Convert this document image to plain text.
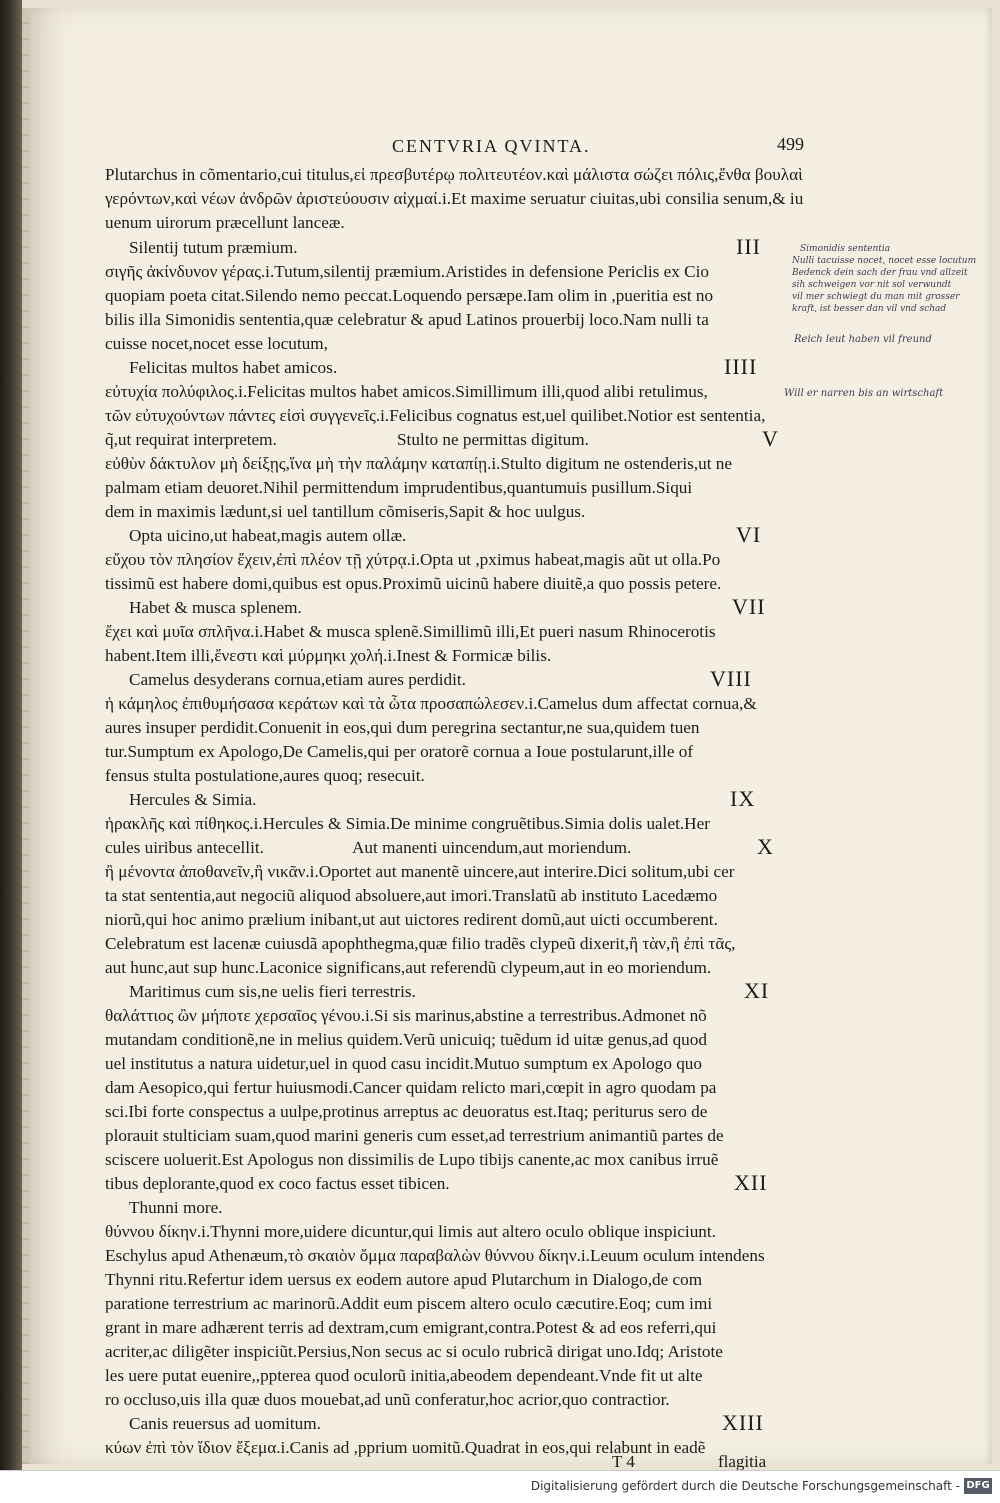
CENTVRIA QVINTA.	499
Plutarchus in cõmentario,cui titulus,εἰ πρεσβυτέρῳ πολιτευτέον.καὶ μάλιστα σώζει πόλις,ἔνθα βουλαὶ
γερόντων,καὶ νέων ἀνδρῶν ἀριστεύουσιν αἰχμαί.i.Et maxime seruatur ciuitas,ubi consilia senum,& iu
uenum uirorum præcellunt lanceæ.
Silentij tutum præmium.
σιγῆς ἀκίνδυνον γέρας.i.Tutum,silentij præmium.Aristides in defensione Periclis ex Cio
quopiam poeta citat.Silendo nemo peccat.Loquendo persæpe.Iam olim in ,pueritia est no
bilis illa Simonidis sententia,quæ celebratur & apud Latinos prouerbij loco.Nam nulli ta
cuisse nocet,nocet esse locutum,
Felicitas multos habet amicos.
εὐτυχία πολύφιλος.i.Felicitas multos habet amicos.Simillimum illi,quod alibi retulimus,
τῶν εὐτυχούντων πάντες εἰσὶ συγγενεῖς.i.Felicibus cognatus est,uel quilibet.Notior est sententia,
q̃,ut requirat interpretem.	Stulto ne permittas digitum.
εὐθὺν δάκτυλον μὴ δείξῃς,ἵνα μὴ τὴν παλάμην καταπίῃ.i.Stulto digitum ne ostenderis,ut ne
palmam etiam deuoret.Nihil permittendum imprudentibus,quantumuis pusillum.Siqui
dem in maximis lædunt,si uel tantillum cõmiseris,Sapit & hoc uulgus.
Opta uicino,ut habeat,magis autem ollæ.
εὔχου τὸν πλησίον ἔχειν,ἐπὶ πλέον τῇ χύτρᾳ.i.Opta ut ,pximus habeat,magis aũt ut olla.Po
tissimũ est habere domi,quibus est opus.Proximũ uicinũ habere diuitẽ,a quo possis petere.
Habet & musca splenem.
ἔχει καὶ μυῖα σπλῆνα.i.Habet & musca splenẽ.Simillimũ illi,Et pueri nasum Rhinocerotis
habent.Item illi,ἔνεστι καὶ μύρμηκι χολή.i.Inest & Formicæ bilis.
Camelus desyderans cornua,etiam aures perdidit.
ἡ κάμηλος ἐπιθυμήσασα κεράτων καὶ τὰ ὦτα προσαπώλεσεν.i.Camelus dum affectat cornua,&
aures insuper perdidit.Conuenit in eos,qui dum peregrina sectantur,ne sua,quidem tuen
tur.Sumptum ex Apologo,De Camelis,qui per oratorẽ cornua a Ioue postularunt,ille of
fensus stulta postulatione,aures quoq; resecuit.
Hercules & Simia.
ἡρακλῆς καὶ πίθηκος.i.Hercules & Simia.De minime congruẽtibus.Simia dolis ualet.Her
cules uiribus antecellit.	Aut manenti uincendum,aut moriendum.
ἢ μένοντα ἀποθανεῖν,ἢ νικᾶν.i.Oportet aut manentẽ uincere,aut interire.Dici solitum,ubi cer
ta stat sententia,aut negociũ aliquod absoluere,aut imori.Translatũ ab instituto Lacedæmo
niorũ,qui hoc animo prælium inibant,ut aut uictores redirent domũ,aut uicti occumberent.
Celebratum est lacenæ cuiusdã apophthegma,quæ filio tradẽs clypeũ dixerit,ἢ τὰν,ἢ ἐπὶ τᾶς,
aut hunc,aut sup hunc.Laconice significans,aut referendũ clypeum,aut in eo moriendum.
Maritimus cum sis,ne uelis fieri terrestris.
θαλάττιος ὢν μήποτε χερσαῖος γένου.i.Si sis marinus,abstine a terrestribus.Admonet nõ
mutandam conditionẽ,ne in melius quidem.Verũ unicuiq; tuẽdum id uitæ genus,ad quod
uel institutus a natura uidetur,uel in quod casu incidit.Mutuo sumptum ex Apologo quo
dam Aesopico,qui fertur huiusmodi.Cancer quidam relicto mari,cœpit in agro quodam pa
sci.Ibi forte conspectus a uulpe,protinus arreptus ac deuoratus est.Itaq; periturus sero de
plorauit stulticiam suam,quod marini generis cum esset,ad terrestrium animantiũ partes de
sciscere uoluerit.Est Apologus non dissimilis de Lupo tibijs canente,ac mox canibus irruẽ
tibus deplorante,quod ex coco factus esset tibicen.
Thunni more.
θύννου δίκην.i.Thynni more,uidere dicuntur,qui limis aut altero oculo oblique inspiciunt.
Eschylus apud Athenæum,τὸ σκαιὸν ὄμμα παραβαλὼν θύννου δίκην.i.Leuum oculum intendens
Thynni ritu.Refertur idem uersus ex eodem autore apud Plutarchum in Dialogo,de com
paratione terrestrium ac marinorũ.Addit eum piscem altero oculo cæcutire.Eoq; cum imi
grant in mare adhærent terris ad dextram,cum emigrant,contra.Potest & ad eos referri,qui
acriter,ac diligẽter inspiciũt.Persius,Non secus ac si oculo rubricã dirigat uno.Idq; Aristote
les uere putat euenire,,ppterea quod oculorũ initia,abeodem dependeant.Vnde fit ut alte
ro occluso,uis illa quæ duos mouebat,ad unũ conferatur,hoc acrior,quo contractior.
Canis reuersus ad uomitum.
κύων ἐπὶ τὸν ἴδιον ἔξεμα.i.Canis ad ,pprium uomitũ.Quadrat in eos,qui relabunt in eadẽ
III
IIII
V
VI
VII
VIII
IX
X
XI
XII
XIII
T 4	flagitia
Simonidis sententia
Nulli tacuisse nocet, nocet esse locutum
Bedenck dein sach der frau vnd allzeit
sih schweigen vor nit sol verwundt
vil mer schwiegt du man mit grosser
kraft, ist besser dan vil vnd schad
Reich leut haben vil freund
Will er narren bis an wirtschaft
Digitalisierung gefördert durch die Deutsche Forschungsgemeinschaft - DFG
